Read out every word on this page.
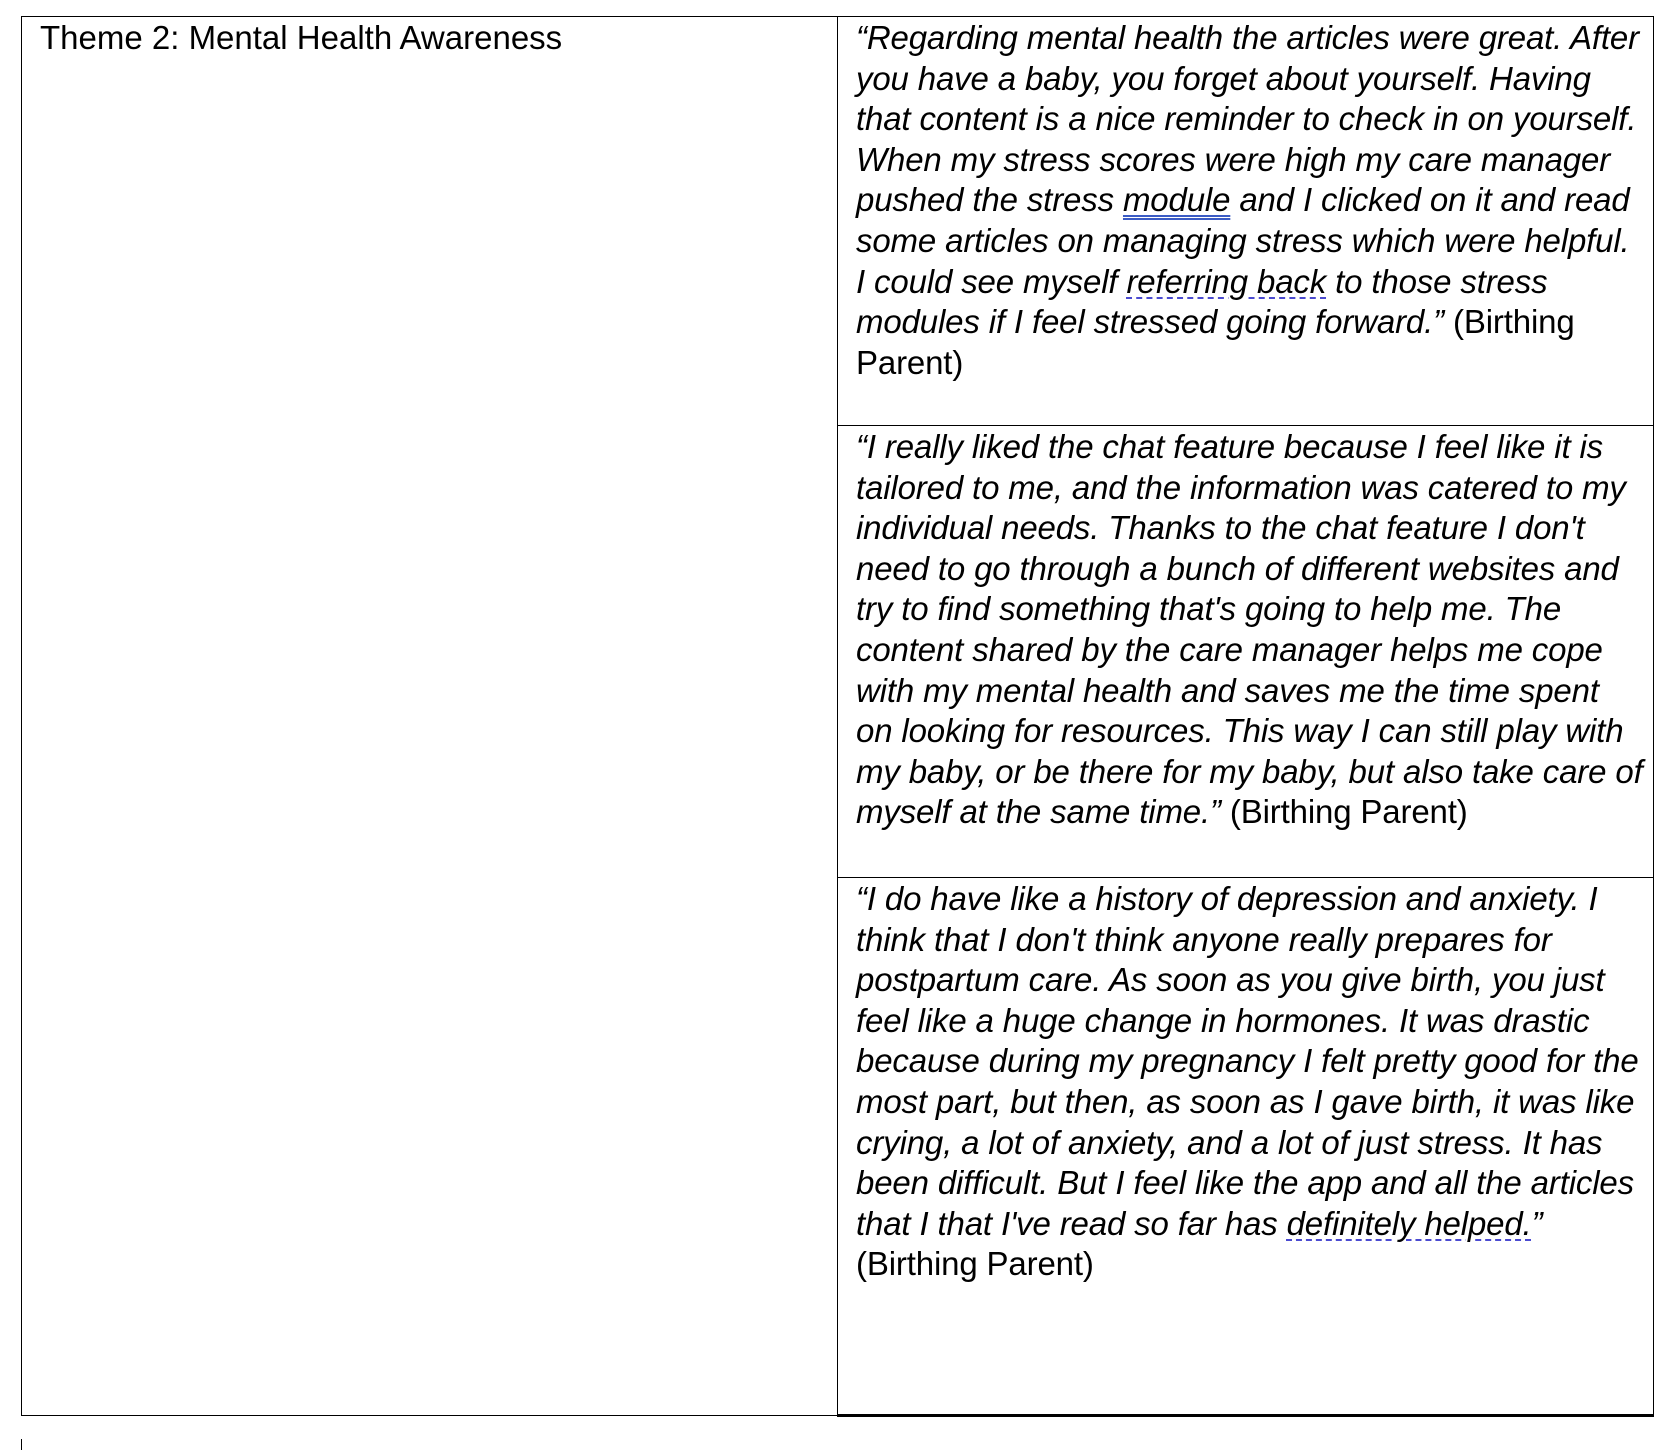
Theme 2: Mental Health Awareness	“Regarding mental health the articles were great. After you have a baby, you forget about yourself. Having that content is a nice reminder to check in on yourself. When my stress scores were high my care manager pushed the stress module and I clicked on it and read some articles on managing stress which were helpful. I could see myself referring back to those stress modules if I feel stressed going forward.” (Birthing Parent)

“I really liked the chat feature because I feel like it is tailored to me, and the information was catered to my individual needs. Thanks to the chat feature I don't need to go through a bunch of different websites and try to find something that's going to help me. The content shared by the care manager helps me cope with my mental health and saves me the time spent on looking for resources. This way I can still play with my baby, or be there for my baby, but also take care of myself at the same time.” (Birthing Parent)

“I do have like a history of depression and anxiety. I think that I don't think anyone really prepares for postpartum care. As soon as you give birth, you just feel like a huge change in hormones. It was drastic because during my pregnancy I felt pretty good for the most part, but then, as soon as I gave birth, it was like crying, a lot of anxiety, and a lot of just stress. It has been difficult. But I feel like the app and all the articles that I that I've read so far has definitely helped.” (Birthing Parent)
